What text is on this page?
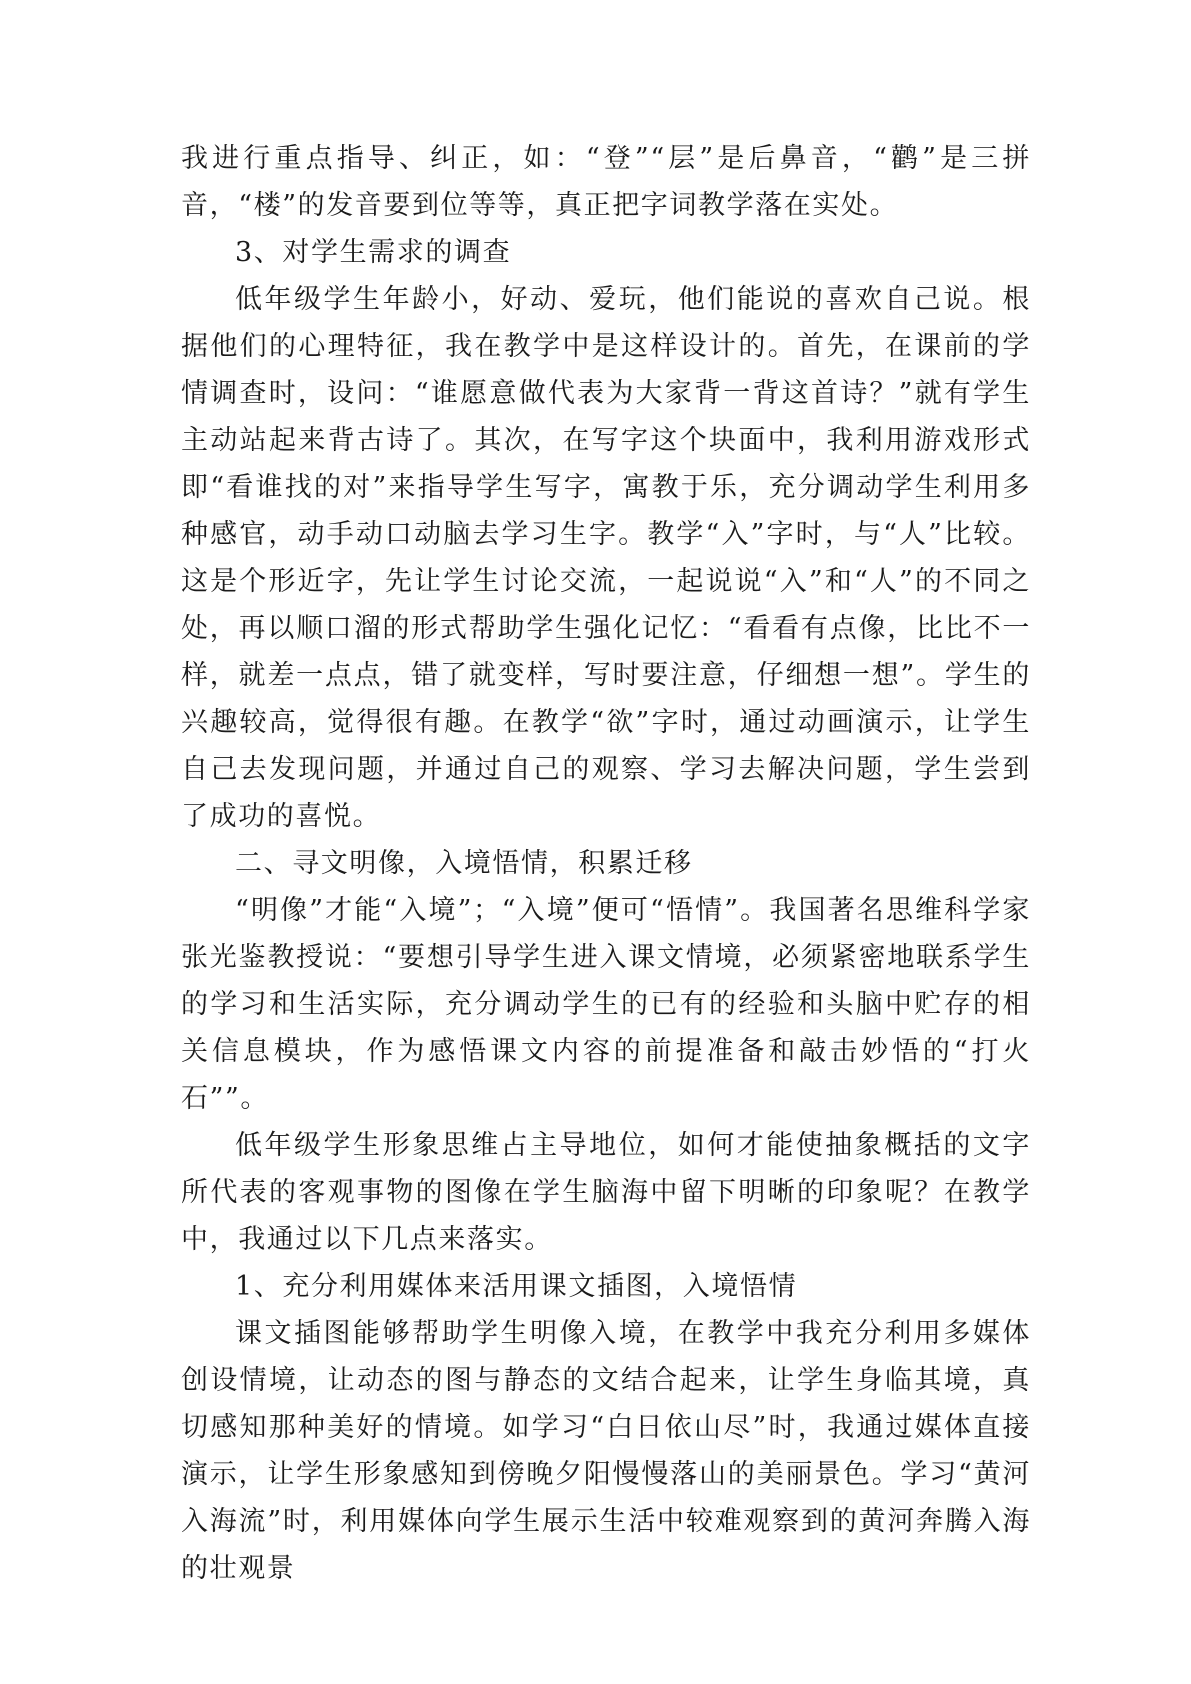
我进行重点指导、纠正，如：“登”“层”是后鼻音，“鹳”是三拼音，“楼”的发音要到位等等，真正把字词教学落在实处。

3、对学生需求的调查

低年级学生年龄小，好动、爱玩，他们能说的喜欢自己说。根据他们的心理特征，我在教学中是这样设计的。首先，在课前的学情调查时，设问：“谁愿意做代表为大家背一背这首诗？”就有学生主动站起来背古诗了。其次，在写字这个块面中，我利用游戏形式即“看谁找的对”来指导学生写字，寓教于乐，充分调动学生利用多种感官，动手动口动脑去学习生字。教学“入”字时，与“人”比较。这是个形近字，先让学生讨论交流，一起说说“入”和“人”的不同之处，再以顺口溜的形式帮助学生强化记忆：“看看有点像，比比不一样，就差一点点，错了就变样，写时要注意，仔细想一想”。学生的兴趣较高，觉得很有趣。在教学“欲”字时，通过动画演示，让学生自己去发现问题，并通过自己的观察、学习去解决问题，学生尝到了成功的喜悦。

二、寻文明像，入境悟情，积累迁移

“明像”才能“入境”；“入境”便可“悟情”。我国著名思维科学家张光鉴教授说：“要想引导学生进入课文情境，必须紧密地联系学生的学习和生活实际，充分调动学生的已有的经验和头脑中贮存的相关信息模块，作为感悟课文内容的前提准备和敲击妙悟的“打火石””。

低年级学生形象思维占主导地位，如何才能使抽象概括的文字所代表的客观事物的图像在学生脑海中留下明晰的印象呢？在教学中，我通过以下几点来落实。

1、充分利用媒体来活用课文插图，入境悟情

课文插图能够帮助学生明像入境，在教学中我充分利用多媒体创设情境，让动态的图与静态的文结合起来，让学生身临其境，真切感知那种美好的情境。如学习“白日依山尽”时，我通过媒体直接演示，让学生形象感知到傍晚夕阳慢慢落山的美丽景色。学习“黄河入海流”时，利用媒体向学生展示生活中较难观察到的黄河奔腾入海的壮观景
